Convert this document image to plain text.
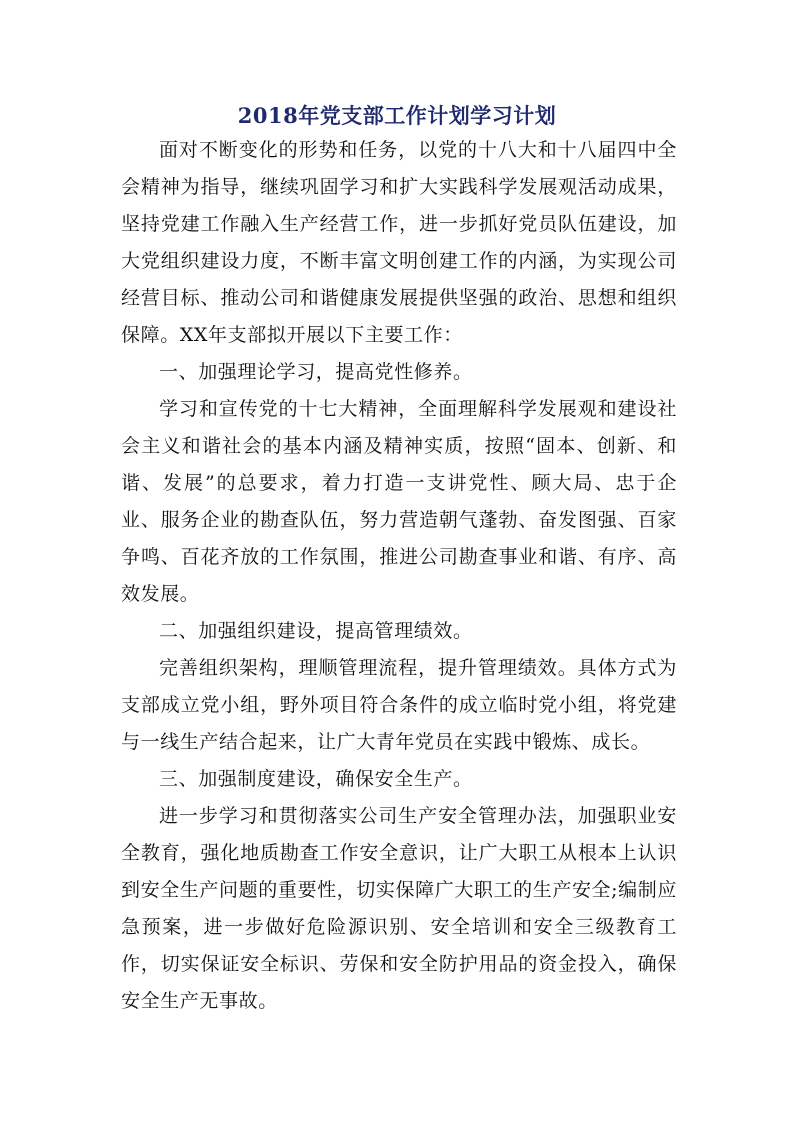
2018年党支部工作计划学习计划

面对不断变化的形势和任务，以党的十八大和十八届四中全会精神为指导，继续巩固学习和扩大实践科学发展观活动成果，坚持党建工作融入生产经营工作，进一步抓好党员队伍建设，加大党组织建设力度，不断丰富文明创建工作的内涵，为实现公司经营目标、推动公司和谐健康发展提供坚强的政治、思想和组织保障。XX年支部拟开展以下主要工作：

一、加强理论学习，提高党性修养。

学习和宣传党的十七大精神，全面理解科学发展观和建设社会主义和谐社会的基本内涵及精神实质，按照“固本、创新、和谐、发展”的总要求，着力打造一支讲党性、顾大局、忠于企业、服务企业的勘查队伍，努力营造朝气蓬勃、奋发图强、百家争鸣、百花齐放的工作氛围，推进公司勘查事业和谐、有序、高效发展。

二、加强组织建设，提高管理绩效。

完善组织架构，理顺管理流程，提升管理绩效。具体方式为支部成立党小组，野外项目符合条件的成立临时党小组，将党建与一线生产结合起来，让广大青年党员在实践中锻炼、成长。

三、加强制度建设，确保安全生产。

进一步学习和贯彻落实公司生产安全管理办法，加强职业安全教育，强化地质勘查工作安全意识，让广大职工从根本上认识到安全生产问题的重要性，切实保障广大职工的生产安全;编制应急预案，进一步做好危险源识别、安全培训和安全三级教育工作，切实保证安全标识、劳保和安全防护用品的资金投入，确保安全生产无事故。
